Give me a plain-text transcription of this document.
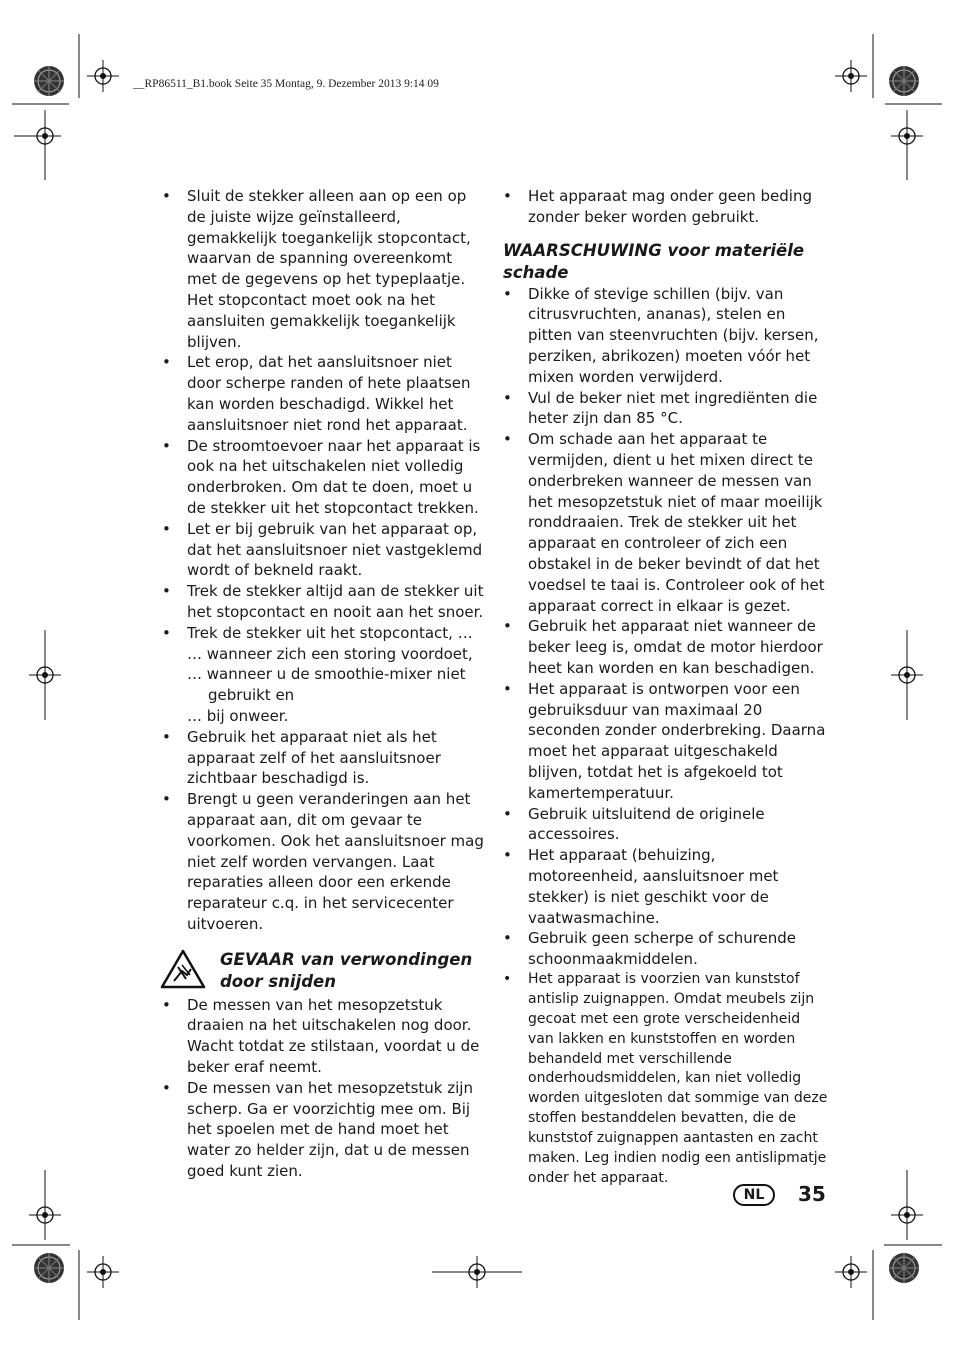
__RP86511_B1.book Seite 35 Montag, 9. Dezember 2013 9:14 09
• Sluit de stekker alleen aan op een op de juiste wijze geïnstalleerd, gemakkelijk toegankelijk stopcontact, waarvan de spanning overeenkomt met de gegevens op het typeplaatje. Het stopcontact moet ook na het aansluiten gemakkelijk toegankelijk blijven.
• Let erop, dat het aansluitsnoer niet door scherpe randen of hete plaatsen kan worden beschadigd. Wikkel het aansluitsnoer niet rond het apparaat.
• De stroomtoevoer naar het apparaat is ook na het uitschakelen niet volledig onderbroken. Om dat te doen, moet u de stekker uit het stopcontact trekken.
• Let er bij gebruik van het apparaat op, dat het aansluitsnoer niet vastgeklemd wordt of bekneld raakt.
• Trek de stekker altijd aan de stekker uit het stopcontact en nooit aan het snoer.
• Trek de stekker uit het stopcontact, …
… wanneer zich een storing voordoet,
… wanneer u de smoothie-mixer niet
gebruikt en
… bij onweer.
• Gebruik het apparaat niet als het apparaat zelf of het aansluitsnoer zichtbaar beschadigd is.
• Brengt u geen veranderingen aan het apparaat aan, dit om gevaar te voorkomen. Ook het aansluitsnoer mag niet zelf worden vervangen. Laat reparaties alleen door een erkende reparateur c.q. in het servicecenter uitvoeren.

GEVAAR van verwondingen door snijden

• De messen van het mesopzetstuk draaien na het uitschakelen nog door. Wacht totdat ze stilstaan, voordat u de beker eraf neemt.
• De messen van het mesopzetstuk zijn scherp. Ga er voorzichtig mee om. Bij het spoelen met de hand moet het water zo helder zijn, dat u de messen goed kunt zien.
• Het apparaat mag onder geen beding zonder beker worden gebruikt.

WAARSCHUWING voor materiële schade

• Dikke of stevige schillen (bijv. van citrusvruchten, ananas), stelen en pitten van steenvruchten (bijv. kersen, perziken, abrikozen) moeten vóór het mixen worden verwijderd.
• Vul de beker niet met ingrediënten die heter zijn dan 85 °C.
• Om schade aan het apparaat te vermijden, dient u het mixen direct te onderbreken wanneer de messen van het mesopzetstuk niet of maar moeilijk ronddraaien. Trek de stekker uit het apparaat en controleer of zich een obstakel in de beker bevindt of dat het voedsel te taai is. Controleer ook of het apparaat correct in elkaar is gezet.
• Gebruik het apparaat niet wanneer de beker leeg is, omdat de motor hierdoor heet kan worden en kan beschadigen.
• Het apparaat is ontworpen voor een gebruiksduur van maximaal 20 seconden zonder onderbreking. Daarna moet het apparaat uitgeschakeld blijven, totdat het is afgekoeld tot kamertemperatuur.
• Gebruik uitsluitend de originele accessoires.
• Het apparaat (behuizing, motoreenheid, aansluitsnoer met stekker) is niet geschikt voor de vaatwasmachine.
• Gebruik geen scherpe of schurende schoonmaakmiddelen.
• Het apparaat is voorzien van kunststof antislip zuignappen. Omdat meubels zijn gecoat met een grote verscheidenheid van lakken en kunststoffen en worden behandeld met verschillende onderhoudsmiddelen, kan niet volledig worden uitgesloten dat sommige van deze stoffen bestanddelen bevatten, die de kunststof zuignappen aantasten en zacht maken. Leg indien nodig een antislipmatje onder het apparaat.
NL	35
